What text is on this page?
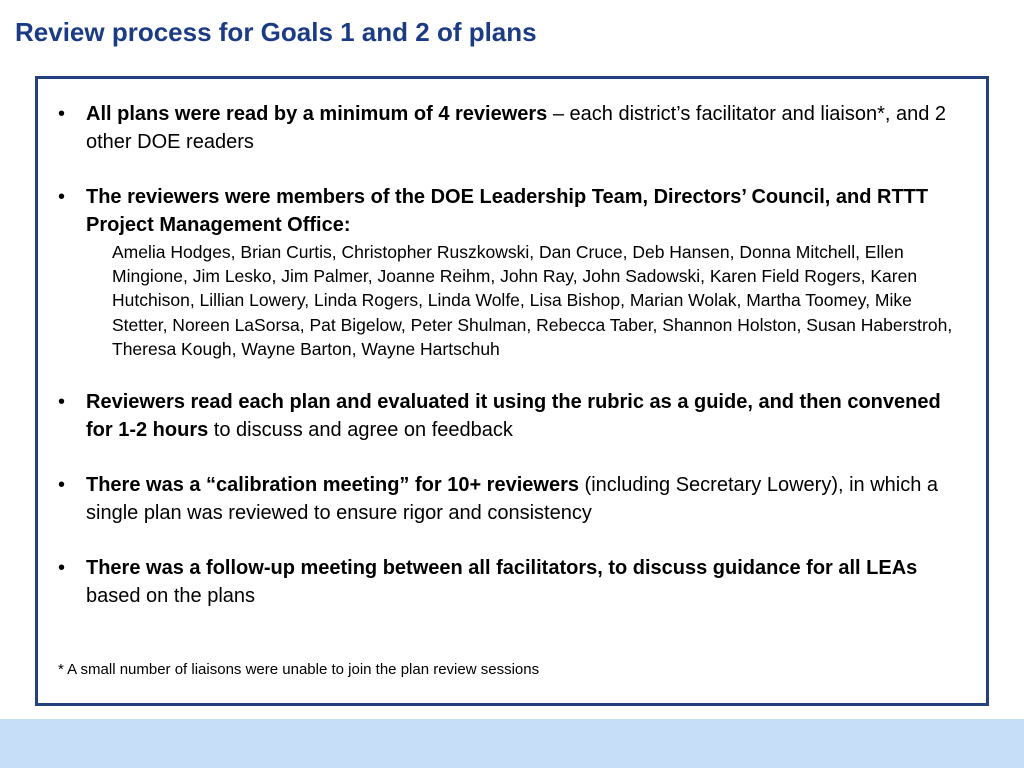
Review process for Goals 1 and 2 of plans
•	All plans were read by a minimum of 4 reviewers – each district’s facilitator and liaison*, and 2 other DOE readers
•	The reviewers were members of the DOE Leadership Team, Directors’ Council, and RTTT Project Management Office:
Amelia Hodges, Brian Curtis, Christopher Ruszkowski, Dan Cruce, Deb Hansen, Donna Mitchell, Ellen Mingione, Jim Lesko, Jim Palmer, Joanne Reihm, John Ray, John Sadowski, Karen Field Rogers, Karen Hutchison, Lillian Lowery, Linda Rogers, Linda Wolfe, Lisa Bishop, Marian Wolak, Martha Toomey, Mike Stetter, Noreen LaSorsa, Pat Bigelow, Peter Shulman, Rebecca Taber, Shannon Holston, Susan Haberstroh, Theresa Kough, Wayne Barton, Wayne Hartschuh
•	Reviewers read each plan and evaluated it using the rubric as a guide, and then convened for 1-2 hours to discuss and agree on feedback
•	There was a “calibration meeting” for 10+ reviewers (including Secretary Lowery), in which a single plan was reviewed to ensure rigor and consistency
•	There was a follow-up meeting between all facilitators, to discuss guidance for all LEAs based on the plans
* A small number of liaisons were unable to join the plan review sessions
